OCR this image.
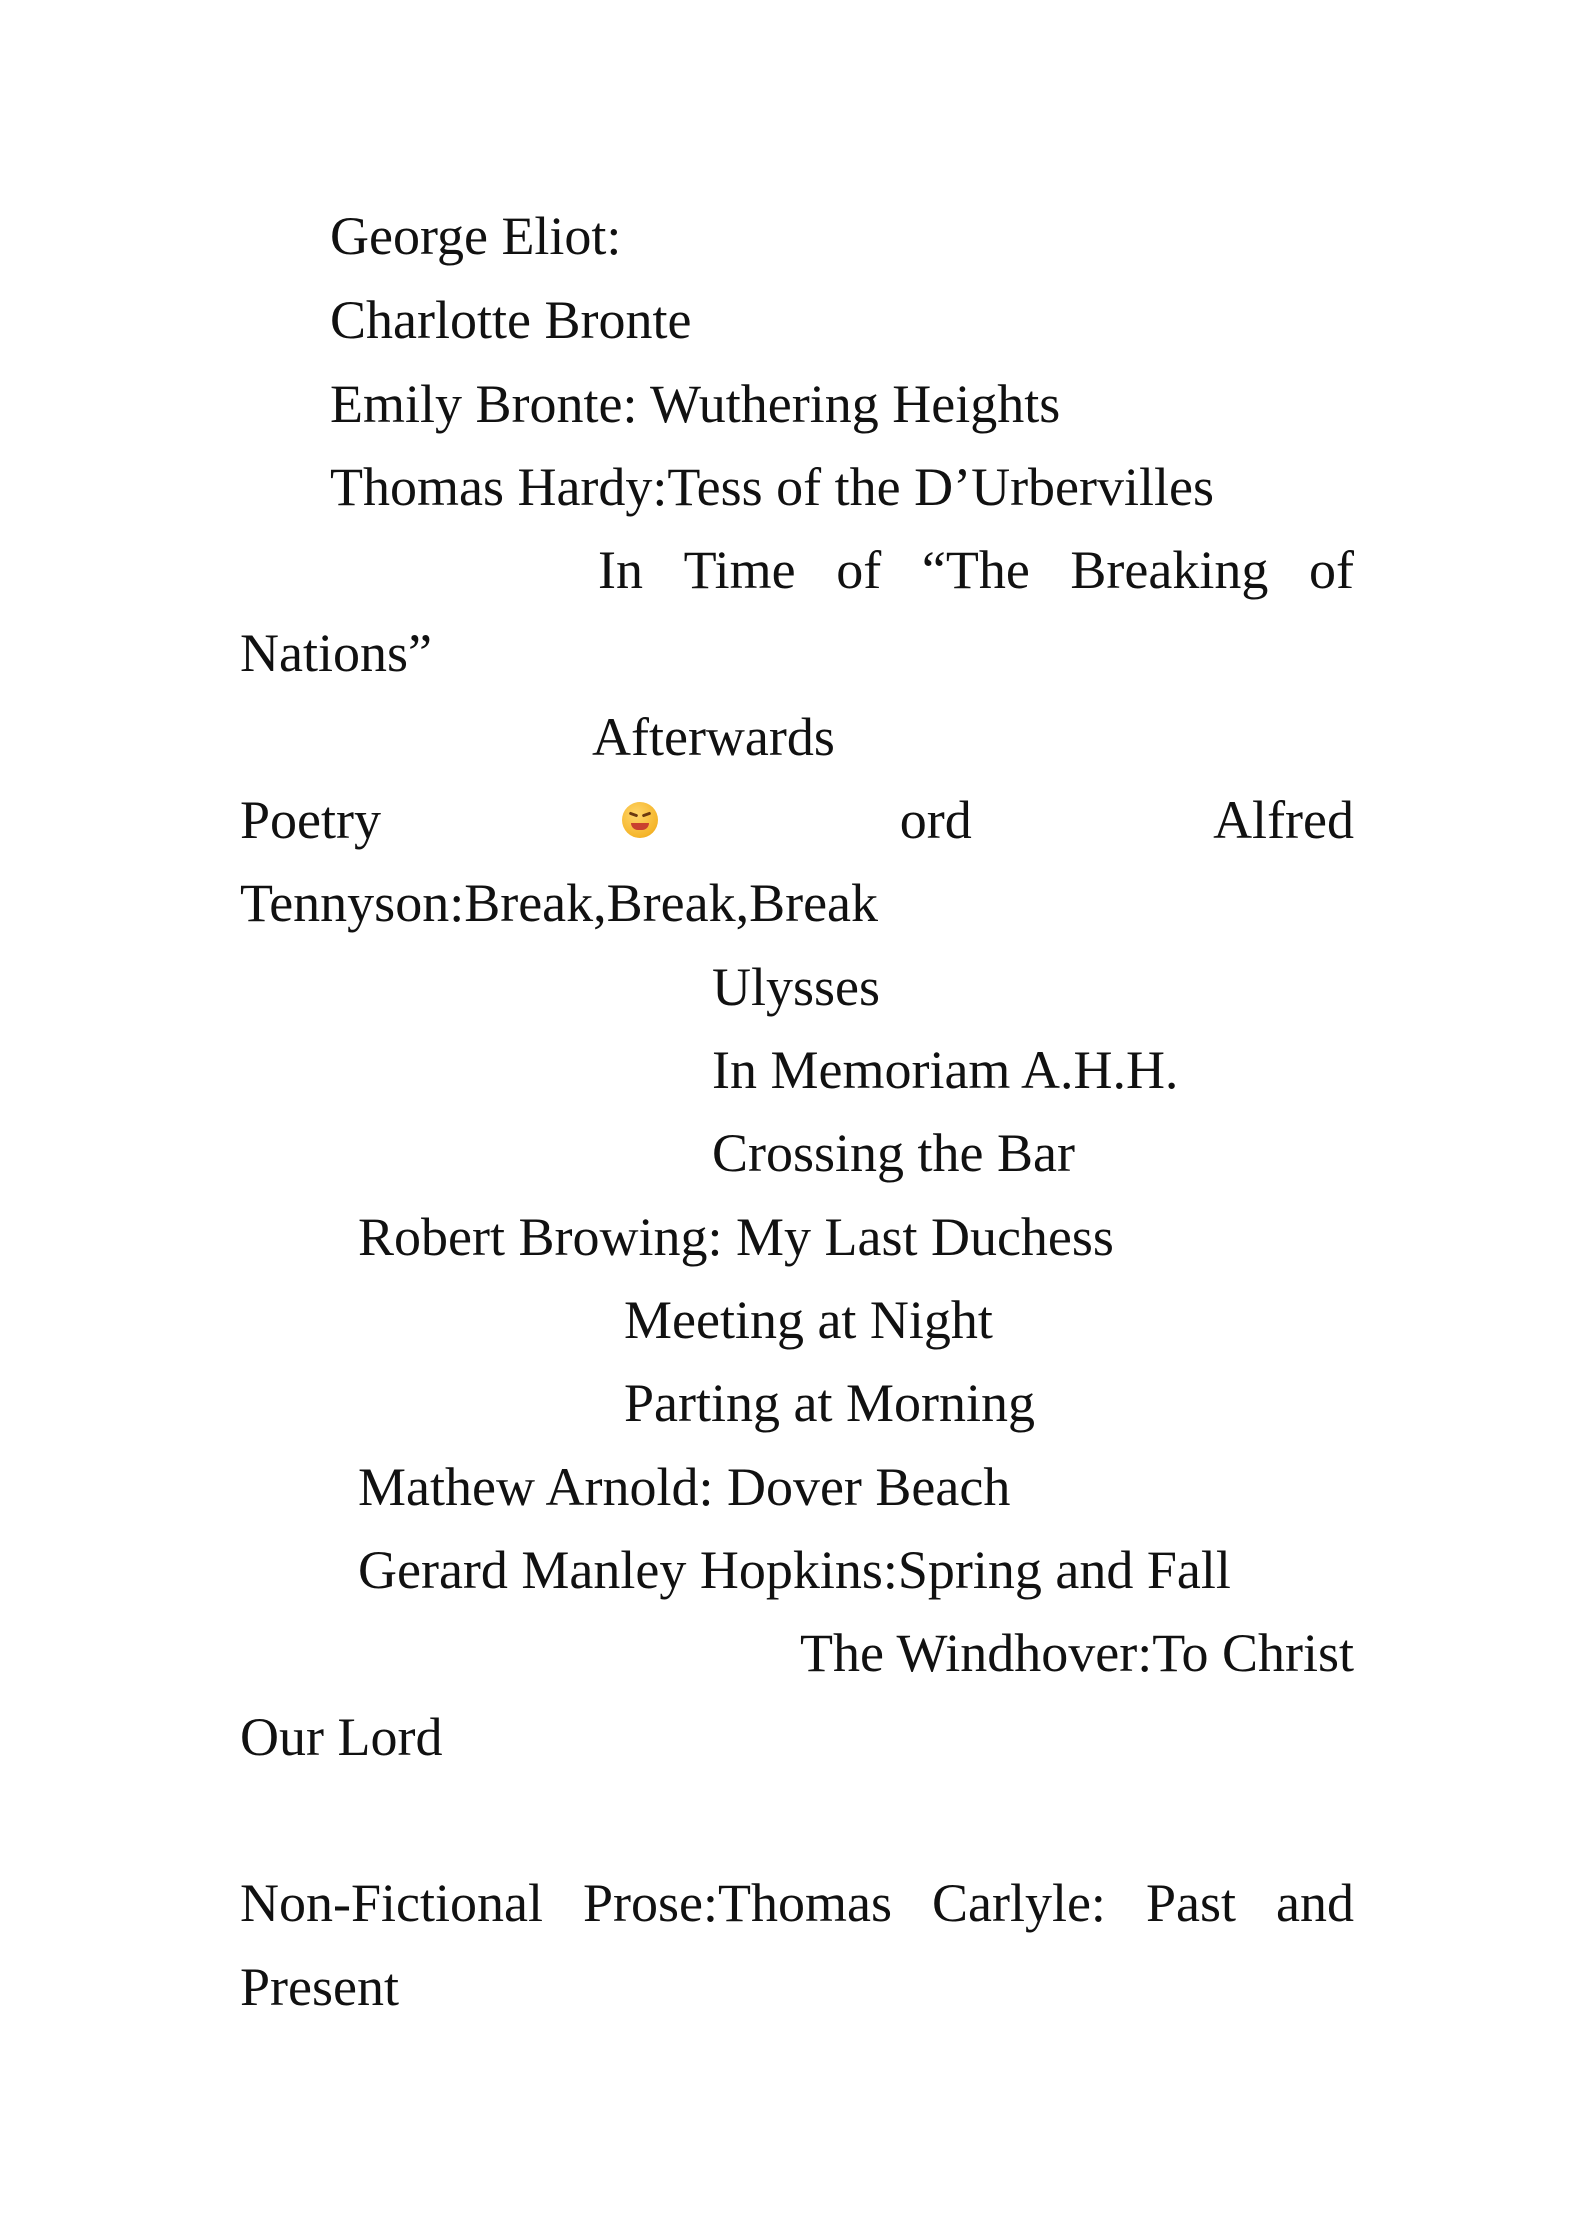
George Eliot:
Charlotte Bronte
Emily Bronte: Wuthering Heights
Thomas Hardy:Tess of the D’Urbervilles
In Time of “The Breaking of
Nations”
Afterwards
Poetry	ord	Alfred
Tennyson:Break,Break,Break
Ulysses
In Memoriam A.H.H.
Crossing the Bar
Robert Browing: My Last Duchess
Meeting at Night
Parting at Morning
Mathew Arnold: Dover Beach
Gerard Manley Hopkins:Spring and Fall
The Windhover:To Christ
Our Lord
Non-Fictional Prose:Thomas Carlyle: Past and
Present
